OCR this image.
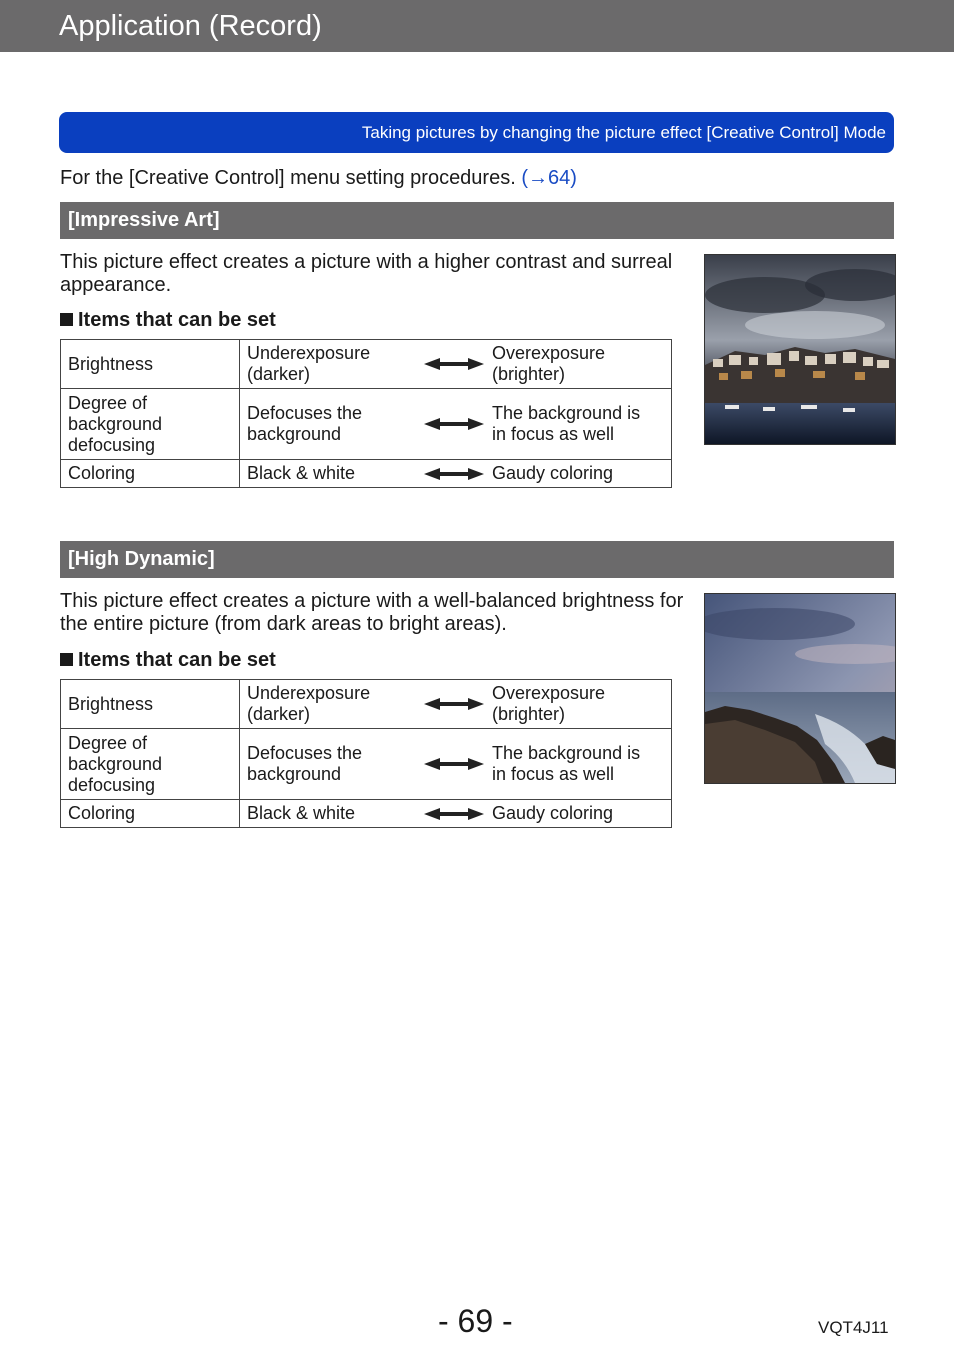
Application (Record)
Taking pictures by changing the picture effect [Creative Control] Mode
For the [Creative Control] menu setting procedures. (→64)
[Impressive Art]
This picture effect creates a picture with a higher contrast and surreal appearance.
Items that can be set
Brightness	Underexposure (darker)	Overexposure (brighter)
Degree of background defocusing	Defocuses the background	The background is in focus as well
Coloring	Black & white	Gaudy coloring
[High Dynamic]
This picture effect creates a picture with a well-balanced brightness for the entire picture (from dark areas to bright areas).
Items that can be set
Brightness	Underexposure (darker)	Overexposure (brighter)
Degree of background defocusing	Defocuses the background	The background is in focus as well
Coloring	Black & white	Gaudy coloring
- 69 -	VQT4J11
